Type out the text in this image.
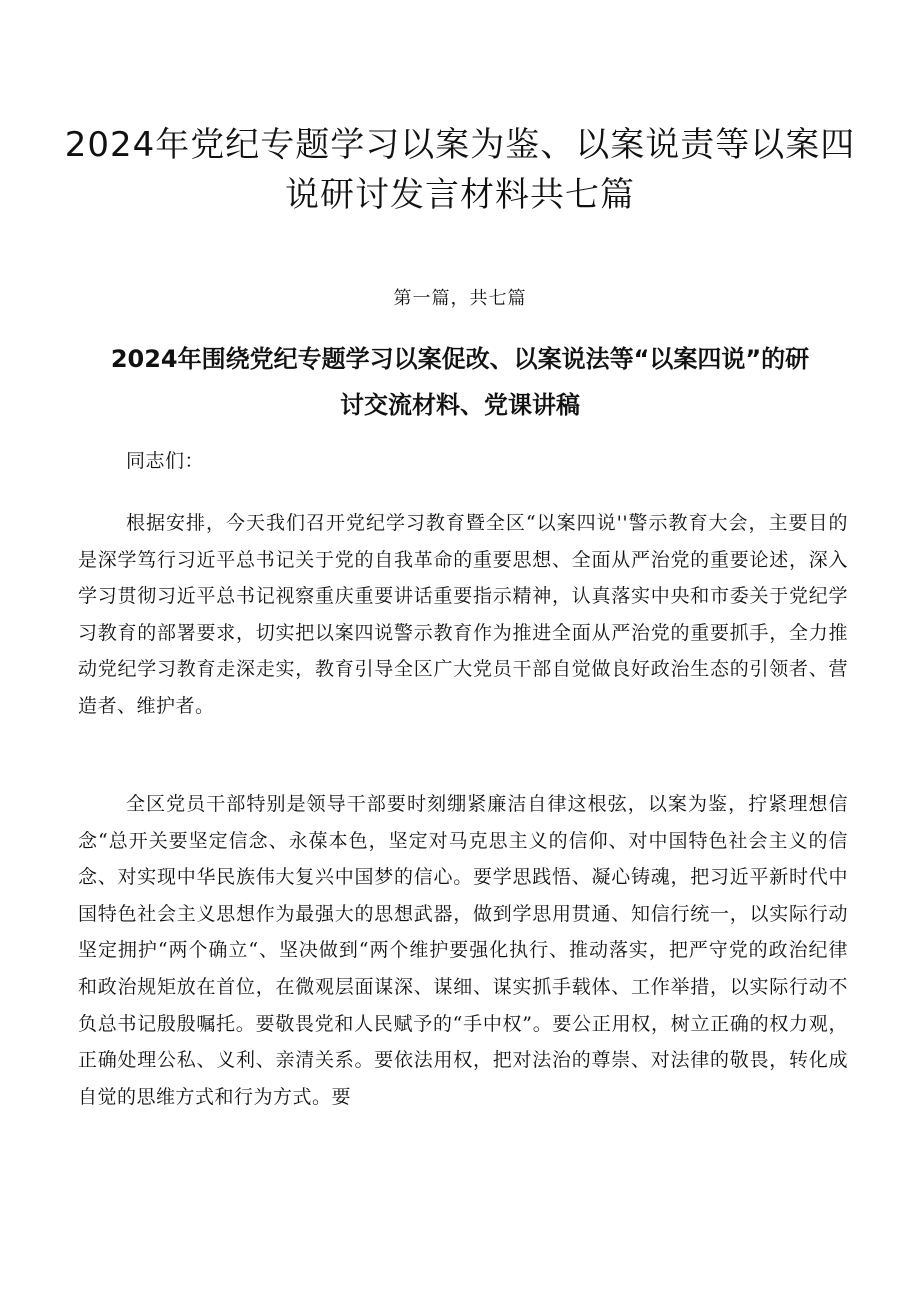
2024年党纪专题学习以案为鉴、以案说责等以案四说研讨发言材料共七篇
第一篇，共七篇
2024年围绕党纪专题学习以案促改、以案说法等“以案四说”的研讨交流材料、党课讲稿

同志们：

根据安排，今天我们召开党纪学习教育暨全区“以案四说''警示教育大会，主要目的是深学笃行习近平总书记关于党的自我革命的重要思想、全面从严治党的重要论述，深入学习贯彻习近平总书记视察重庆重要讲话重要指示精神，认真落实中央和市委关于党纪学习教育的部署要求，切实把以案四说警示教育作为推进全面从严治党的重要抓手，全力推动党纪学习教育走深走实，教育引导全区广大党员干部自觉做良好政治生态的引领者、营造者、维护者。

全区党员干部特别是领导干部要时刻绷紧廉洁自律这根弦，以案为鉴，拧紧理想信念“总开关要坚定信念、永葆本色，坚定对马克思主义的信仰、对中国特色社会主义的信念、对实现中华民族伟大复兴中国梦的信心。要学思践悟、凝心铸魂，把习近平新时代中国特色社会主义思想作为最强大的思想武器，做到学思用贯通、知信行统一，以实际行动坚定拥护“两个确立“、坚决做到“两个维护要强化执行、推动落实，把严守党的政治纪律和政治规矩放在首位，在微观层面谋深、谋细、谋实抓手载体、工作举措，以实际行动不负总书记殷殷嘱托。要敬畏党和人民赋予的“手中权”。要公正用权，树立正确的权力观，正确处理公私、义利、亲清关系。要依法用权，把对法治的尊崇、对法律的敬畏，转化成自觉的思维方式和行为方式。要
